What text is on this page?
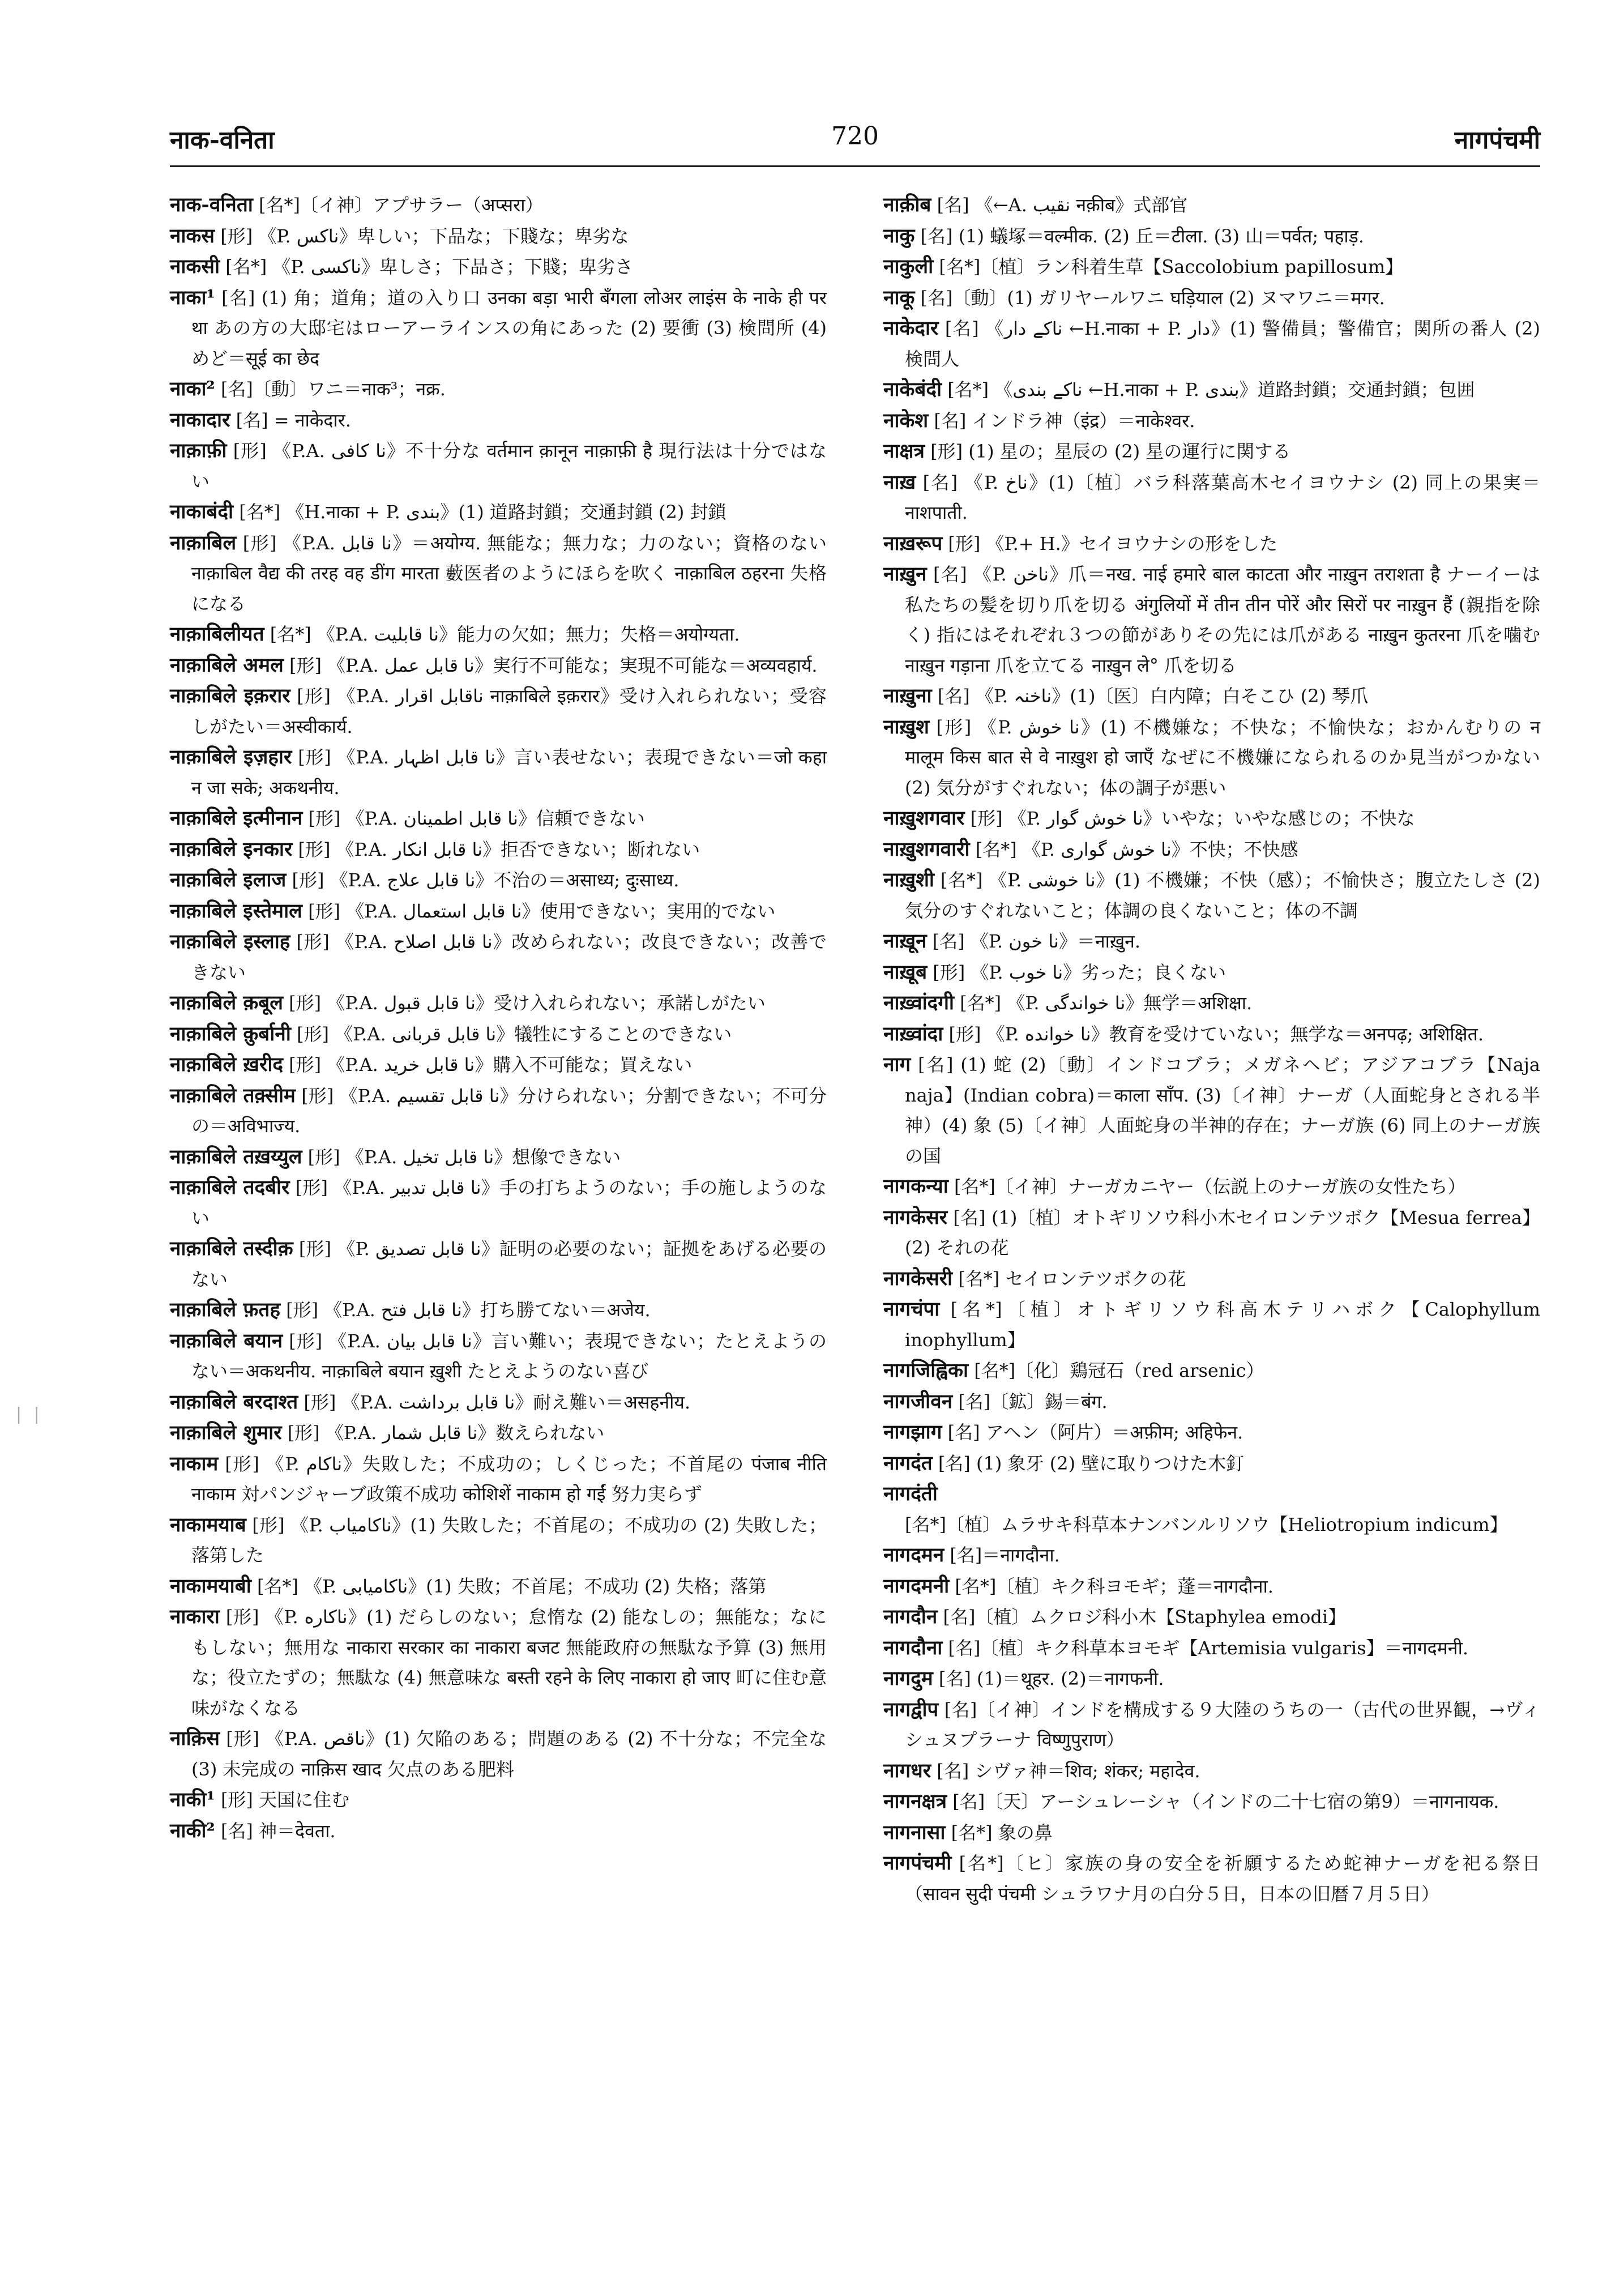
नाक-वनिता	720	नागपंचमी
नाक-वनिता [名*]〔イ神〕アプサラー（अप्सरा）
नाकस [形] 《P. ناکس》卑しい；下品な；下賤な；卑劣な
नाकसी [名*] 《P. ناکسی》卑しさ；下品さ；下賤；卑劣さ
नाका¹ [名] (1) 角；道角；道の入り口 उनका बड़ा भारी बँगला लोअर लाइंस के नाके ही पर था あの方の大邸宅はローアーラインスの角にあった (2) 要衝 (3) 検問所 (4) めど＝सूई का छेद
नाका² [名]〔動〕ワニ＝नाक³；नक्र.
नाकादार [名] = नाकेदार.
नाक़ाफ़ी [形] 《P.A. نا کافی》不十分な वर्तमान क़ानून नाक़ाफ़ी है 現行法は十分ではない
नाकाबंदी [名*] 《H.नाका + P. بندی》(1) 道路封鎖；交通封鎖 (2) 封鎖
नाक़ाबिल [形] 《P.A. نا قابل》＝अयोग्य. 無能な；無力な；力のない；資格のない नाक़ाबिल वैद्य की तरह वह डींग मारता 藪医者のようにほらを吹く नाक़ाबिल ठहरना 失格になる
नाक़ाबिलीयत [名*] 《P.A. نا قابلیت》能力の欠如；無力；失格＝अयोग्यता.
नाक़ाबिले अमल [形] 《P.A. نا قابل عمل》実行不可能な；実現不可能な＝अव्यवहार्य.
नाक़ाबिले इक़रार [形] 《P.A. ناقابل اقرار नाक़ाबिले इक़रार》受け入れられない；受容しがたい＝अस्वीकार्य.
नाक़ाबिले इज़हार [形] 《P.A. نا قابل اظہار》言い表せない；表現できない＝जो कहा न जा सके; अकथनीय.
नाक़ाबिले इत्मीनान [形] 《P.A. نا قابل اطمینان》信頼できない
नाक़ाबिले इनकार [形] 《P.A. نا قابل انکار》拒否できない；断れない
नाक़ाबिले इलाज [形] 《P.A. نا قابل علاج》不治の＝असाध्य; दुःसाध्य.
नाक़ाबिले इस्तेमाल [形] 《P.A. نا قابل استعمال》使用できない；実用的でない
नाक़ाबिले इस्लाह [形] 《P.A. نا قابل اصلاح》改められない；改良できない；改善できない
नाक़ाबिले क़बूल [形] 《P.A. نا قابل قبول》受け入れられない；承諾しがたい
नाक़ाबिले क़ुर्बानी [形] 《P.A. نا قابل قربانی》犠牲にすることのできない
नाक़ाबिले ख़रीद [形] 《P.A. نا قابل خرید》購入不可能な；買えない
नाक़ाबिले तक़्सीम [形] 《P.A. نا قابل تقسیم》分けられない；分割できない；不可分の＝अविभाज्य.
नाक़ाबिले तख़य्युल [形] 《P.A. نا قابل تخیل》想像できない
नाक़ाबिले तदबीर [形] 《P.A. نا قابل تدبیر》手の打ちようのない；手の施しようのない
नाक़ाबिले तस्दीक़ [形] 《P. نا قابل تصدیق》証明の必要のない；証拠をあげる必要のない
नाक़ाबिले फ़तह [形] 《P.A. نا قابل فتح》打ち勝てない＝अजेय.
नाक़ाबिले बयान [形] 《P.A. نا قابل بیان》言い難い；表現できない；たとえようのない＝अकथनीय. नाक़ाबिले बयान ख़ुशी たとえようのない喜び
नाक़ाबिले बरदाश्त [形] 《P.A. نا قابل برداشت》耐え難い＝असहनीय.
नाक़ाबिले शुमार [形] 《P.A. نا قابل شمار》数えられない
नाकाम [形] 《P. ناکام》失敗した；不成功の；しくじった；不首尾の पंजाब नीति नाकाम 対パンジャーブ政策不成功 कोशिशें नाकाम हो गईं 努力実らず
नाकामयाब [形] 《P. ناکامیاب》(1) 失敗した；不首尾の；不成功の (2) 失敗した；落第した
नाकामयाबी [名*] 《P. ناکامیابی》(1) 失敗；不首尾；不成功 (2) 失格；落第
नाकारा [形] 《P. ناکاره》(1) だらしのない；怠惰な (2) 能なしの；無能な；なにもしない；無用な नाकारा सरकार का नाकारा बजट 無能政府の無駄な予算 (3) 無用な；役立たずの；無駄な (4) 無意味な बस्ती रहने के लिए नाकारा हो जाए 町に住む意味がなくなる
नाक़िस [形] 《P.A. ناقص》(1) 欠陥のある；問題のある (2) 不十分な；不完全な (3) 未完成の नाक़िस खाद 欠点のある肥料
नाकी¹ [形] 天国に住む
नाकी² [名] 神＝देवता.
नाक़ीब [名] 《←A. نقیب नक़ीब》式部官
नाकु [名] (1) 蟻塚＝वल्मीक. (2) 丘＝टीला. (3) 山＝पर्वत; पहाड़.
नाकुली [名*]〔植〕ラン科着生草【Saccolobium papillosum】
नाकू [名]〔動〕(1) ガリヤールワニ घड़ियाल (2) ヌマワニ＝मगर.
नाकेदार [名] 《ناکے دار ←H.नाका + P. دار》(1) 警備員；警備官；関所の番人 (2) 検問人
नाकेबंदी [名*] 《ناکے بندی ←H.नाका + P. بندی》道路封鎖；交通封鎖；包囲
नाकेश [名] インドラ神（इंद्र）＝नाकेश्वर.
नाक्षत्र [形] (1) 星の；星辰の (2) 星の運行に関する
नाख़ [名] 《P. ناخ》(1)〔植〕バラ科落葉高木セイヨウナシ (2) 同上の果実＝नाशपाती.
नाख़रूप [形] 《P.+ H.》セイヨウナシの形をした
नाख़ुन [名] 《P. ناخن》爪＝नख. नाई हमारे बाल काटता और नाख़ुन तराशता है ナーイーは私たちの髪を切り爪を切る अंगुलियों में तीन तीन पोरें और सिरों पर नाख़ुन हैं (親指を除く) 指にはそれぞれ３つの節がありその先には爪がある नाख़ुन कुतरना 爪を噛む नाख़ुन गड़ाना 爪を立てる नाख़ुन ले° 爪を切る
नाख़ुना [名] 《P. ناخنہ》(1)〔医〕白内障；白そこひ (2) 琴爪
नाख़ुश [形] 《P. نا خوش》(1) 不機嫌な；不快な；不愉快な；おかんむりの न मालूम किस बात से वे नाख़ुश हो जाएँ なぜに不機嫌になられるのか見当がつかない (2) 気分がすぐれない；体の調子が悪い
नाख़ुशगवार [形] 《P. نا خوش گوار》いやな；いやな感じの；不快な
नाख़ुशगवारी [名*] 《P. نا خوش گواری》不快；不快感
नाख़ुशी [名*] 《P. نا خوشی》(1) 不機嫌；不快（感）；不愉快さ；腹立たしさ (2) 気分のすぐれないこと；体調の良くないこと；体の不調
नाख़ून [名] 《P. نا خون》＝नाख़ुन.
नाख़ूब [形] 《P. نا خوب》劣った；良くない
नाख़्वांदगी [名*] 《P. نا خواندگی》無学＝अशिक्षा.
नाख़्वांदा [形] 《P. نا خوانده》教育を受けていない；無学な＝अनपढ़; अशिक्षित.
नाग [名] (1) 蛇 (2)〔動〕インドコブラ；メガネヘビ；アジアコブラ【Naja naja】(Indian cobra)＝काला साँप. (3)〔イ神〕ナーガ（人面蛇身とされる半神）(4) 象 (5)〔イ神〕人面蛇身の半神的存在；ナーガ族 (6) 同上のナーガ族の国
नागकन्या [名*]〔イ神〕ナーガカニヤー（伝説上のナーガ族の女性たち）
नागकेसर [名] (1)〔植〕オトギリソウ科小木セイロンテツボク【Mesua ferrea】(2) それの花
नागकेसरी [名*] セイロンテツボクの花
नागचंपा [名*]〔植〕オトギリソウ科高木テリハボク【Calophyllum inophyllum】
नागजिह्विका [名*]〔化〕鶏冠石（red arsenic）
नागजीवन [名]〔鉱〕錫＝बंग.
नागझाग [名] アヘン（阿片）＝अफ़ीम; अहिफेन.
नागदंत [名] (1) 象牙 (2) 壁に取りつけた木釘
नागदंती [名*]〔植〕ムラサキ科草本ナンバンルリソウ【Heliotropium indicum】
नागदमन [名]＝नागदौना.
नागदमनी [名*]〔植〕キク科ヨモギ；蓬＝नागदौना.
नागदौन [名]〔植〕ムクロジ科小木【Staphylea emodi】
नागदौना [名]〔植〕キク科草本ヨモギ【Artemisia vulgaris】＝नागदमनी.
नागदुम [名] (1)＝थूहर. (2)＝नागफनी.
नागद्वीप [名]〔イ神〕インドを構成する９大陸のうちの一（古代の世界観，→ヴィシュヌプラーナ विष्णुपुराण）
नागधर [名] シヴァ神＝शिव; शंकर; महादेव.
नागनक्षत्र [名]〔天〕アーシュレーシャ（インドの二十七宿の第9）＝नागनायक.
नागनासा [名*] 象の鼻
नागपंचमी [名*]〔ヒ〕家族の身の安全を祈願するため蛇神ナーガを祀る祭日（सावन सुदी पंचमी シュラワナ月の白分５日，日本の旧暦７月５日）
| |
